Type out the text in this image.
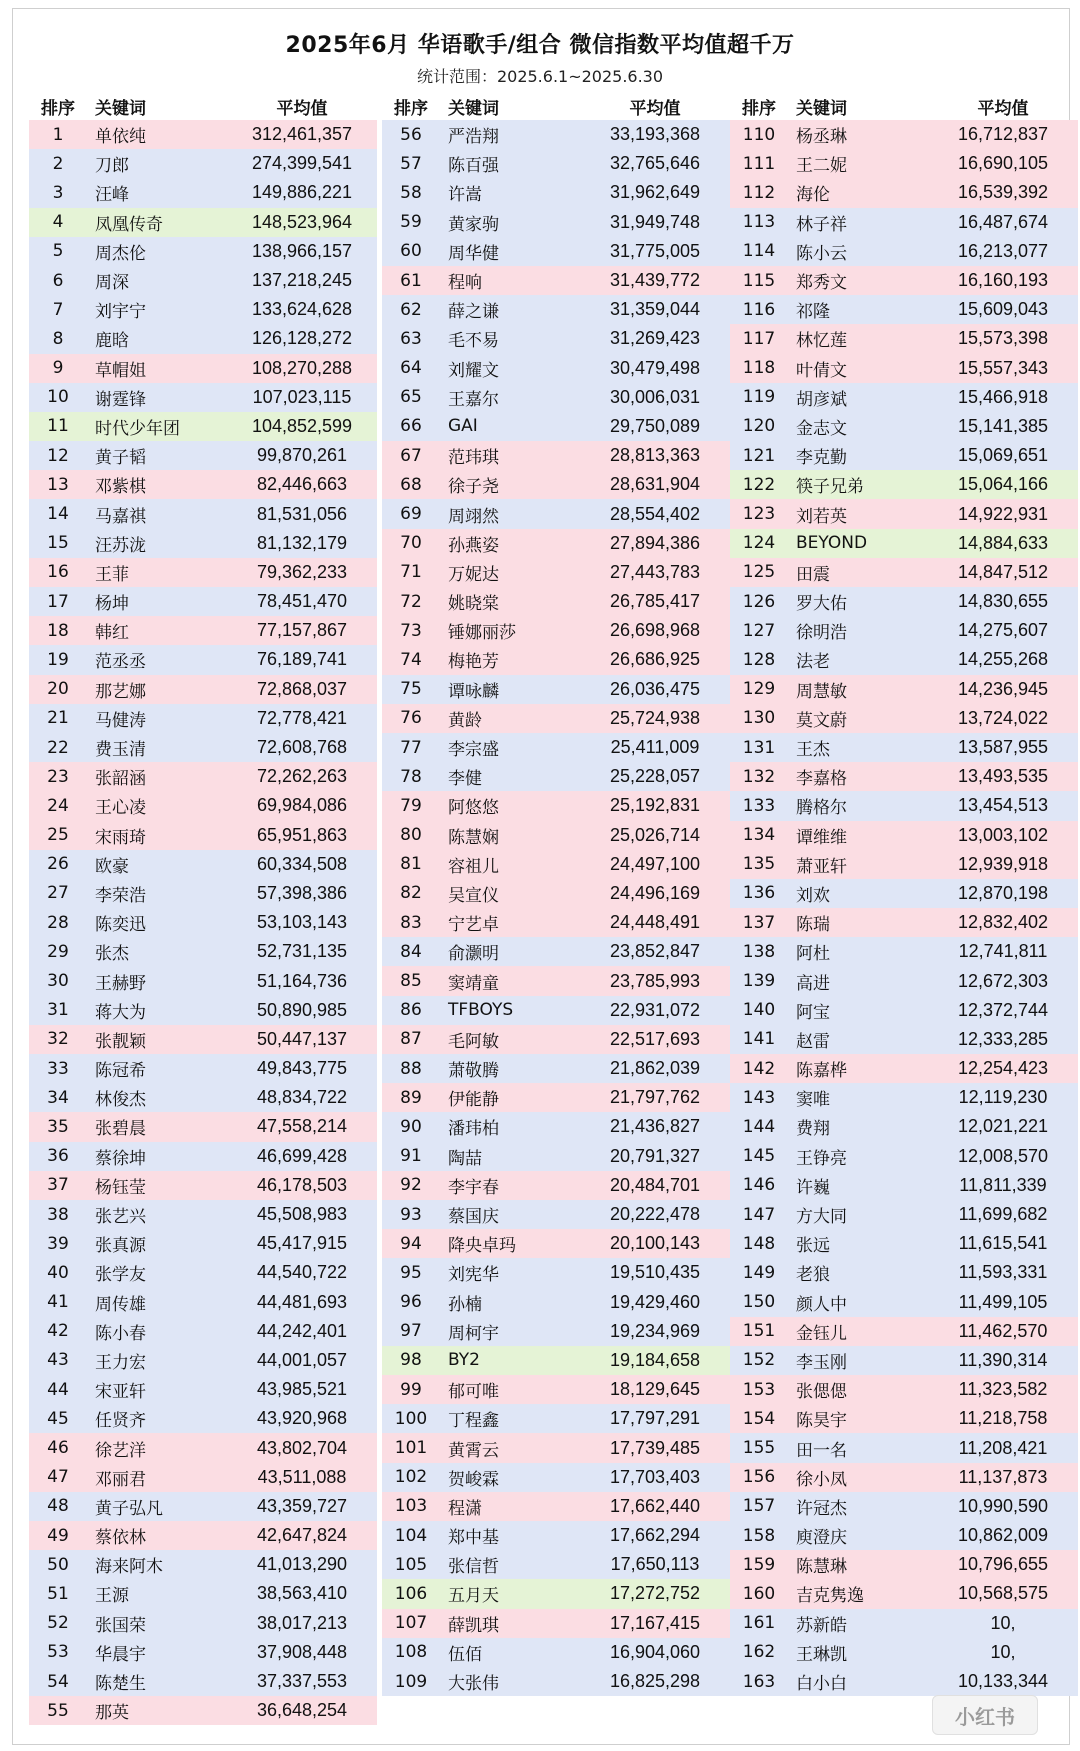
2025年6月 华语歌手/组合 微信指数平均值超千万
统计范围：2025.6.1~2025.6.30
排序	关键词	平均值
1	单依纯	312,461,357
2	刀郎	274,399,541
3	汪峰	149,886,221
4	凤凰传奇	148,523,964
5	周杰伦	138,966,157
6	周深	137,218,245
7	刘宇宁	133,624,628
8	鹿晗	126,128,272
9	草帽姐	108,270,288
10	谢霆锋	107,023,115
11	时代少年团	104,852,599
12	黄子韬	99,870,261
13	邓紫棋	82,446,663
14	马嘉祺	81,531,056
15	汪苏泷	81,132,179
16	王菲	79,362,233
17	杨坤	78,451,470
18	韩红	77,157,867
19	范丞丞	76,189,741
20	那艺娜	72,868,037
21	马健涛	72,778,421
22	费玉清	72,608,768
23	张韶涵	72,262,263
24	王心凌	69,984,086
25	宋雨琦	65,951,863
26	欧豪	60,334,508
27	李荣浩	57,398,386
28	陈奕迅	53,103,143
29	张杰	52,731,135
30	王赫野	51,164,736
31	蒋大为	50,890,985
32	张靓颖	50,447,137
33	陈冠希	49,843,775
34	林俊杰	48,834,722
35	张碧晨	47,558,214
36	蔡徐坤	46,699,428
37	杨钰莹	46,178,503
38	张艺兴	45,508,983
39	张真源	45,417,915
40	张学友	44,540,722
41	周传雄	44,481,693
42	陈小春	44,242,401
43	王力宏	44,001,057
44	宋亚轩	43,985,521
45	任贤齐	43,920,968
46	徐艺洋	43,802,704
47	邓丽君	43,511,088
48	黄子弘凡	43,359,727
49	蔡依林	42,647,824
50	海来阿木	41,013,290
51	王源	38,563,410
52	张国荣	38,017,213
53	华晨宇	37,908,448
54	陈楚生	37,337,553
55	那英	36,648,254
排序	关键词	平均值
56	严浩翔	33,193,368
57	陈百强	32,765,646
58	许嵩	31,962,649
59	黄家驹	31,949,748
60	周华健	31,775,005
61	程响	31,439,772
62	薛之谦	31,359,044
63	毛不易	31,269,423
64	刘耀文	30,479,498
65	王嘉尔	30,006,031
66	GAI	29,750,089
67	范玮琪	28,813,363
68	徐子尧	28,631,904
69	周翊然	28,554,402
70	孙燕姿	27,894,386
71	万妮达	27,443,783
72	姚晓棠	26,785,417
73	锤娜丽莎	26,698,968
74	梅艳芳	26,686,925
75	谭咏麟	26,036,475
76	黄龄	25,724,938
77	李宗盛	25,411,009
78	李健	25,228,057
79	阿悠悠	25,192,831
80	陈慧娴	25,026,714
81	容祖儿	24,497,100
82	吴宣仪	24,496,169
83	宁艺卓	24,448,491
84	俞灏明	23,852,847
85	窦靖童	23,785,993
86	TFBOYS	22,931,072
87	毛阿敏	22,517,693
88	萧敬腾	21,862,039
89	伊能静	21,797,762
90	潘玮柏	21,436,827
91	陶喆	20,791,327
92	李宇春	20,484,701
93	蔡国庆	20,222,478
94	降央卓玛	20,100,143
95	刘宪华	19,510,435
96	孙楠	19,429,460
97	周柯宇	19,234,969
98	BY2	19,184,658
99	郁可唯	18,129,645
100	丁程鑫	17,797,291
101	黄霄云	17,739,485
102	贺峻霖	17,703,403
103	程潇	17,662,440
104	郑中基	17,662,294
105	张信哲	17,650,113
106	五月天	17,272,752
107	薛凯琪	17,167,415
108	伍佰	16,904,060
109	大张伟	16,825,298
排序	关键词	平均值
110	杨丞琳	16,712,837
111	王二妮	16,690,105
112	海伦	16,539,392
113	林子祥	16,487,674
114	陈小云	16,213,077
115	郑秀文	16,160,193
116	祁隆	15,609,043
117	林忆莲	15,573,398
118	叶倩文	15,557,343
119	胡彦斌	15,466,918
120	金志文	15,141,385
121	李克勤	15,069,651
122	筷子兄弟	15,064,166
123	刘若英	14,922,931
124	BEYOND	14,884,633
125	田震	14,847,512
126	罗大佑	14,830,655
127	徐明浩	14,275,607
128	法老	14,255,268
129	周慧敏	14,236,945
130	莫文蔚	13,724,022
131	王杰	13,587,955
132	李嘉格	13,493,535
133	腾格尔	13,454,513
134	谭维维	13,003,102
135	萧亚轩	12,939,918
136	刘欢	12,870,198
137	陈瑞	12,832,402
138	阿杜	12,741,811
139	高进	12,672,303
140	阿宝	12,372,744
141	赵雷	12,333,285
142	陈嘉桦	12,254,423
143	窦唯	12,119,230
144	费翔	12,021,221
145	王铮亮	12,008,570
146	许巍	11,811,339
147	方大同	11,699,682
148	张远	11,615,541
149	老狼	11,593,331
150	颜人中	11,499,105
151	金钰儿	11,462,570
152	李玉刚	11,390,314
153	张偲偲	11,323,582
154	陈昊宇	11,218,758
155	田一名	11,208,421
156	徐小凤	11,137,873
157	许冠杰	10,990,590
158	庾澄庆	10,862,009
159	陈慧琳	10,796,655
160	吉克隽逸	10,568,575
161	苏新皓	10,
162	王琳凯	10,
163	白小白	10,133,344
小红书
